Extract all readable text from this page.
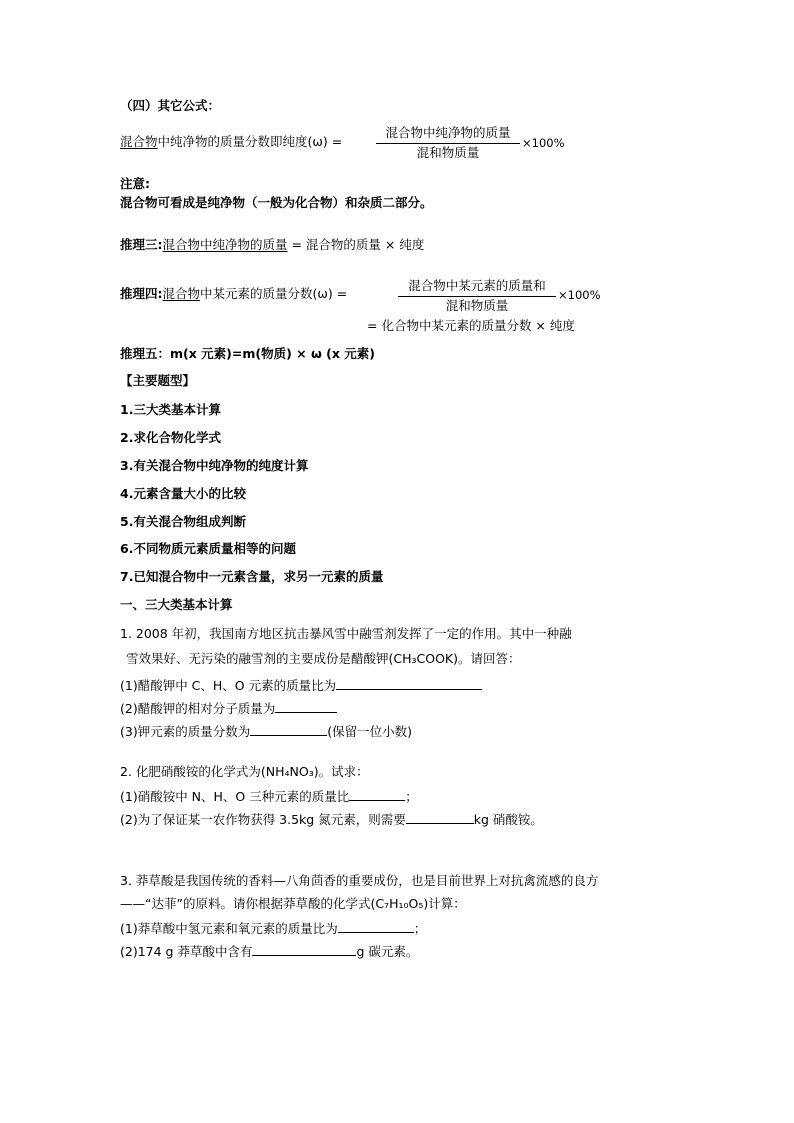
（四）其它公式：
混合物中纯净物的质量分数即纯度(ω) =
混合物中纯净物的质量
混和物质量
×100%
注意:
混合物可看成是纯净物（一般为化合物）和杂质二部分。
推理三:混合物中纯净物的质量 = 混合物的质量 × 纯度
推理四:混合物中某元素的质量分数(ω) =
混合物中某元素的质量和
混和物质量
×100%
= 化合物中某元素的质量分数 × 纯度
推理五：m(x 元素)=m(物质) × ω (x 元素)
【主要题型】
1.三大类基本计算
2.求化合物化学式
3.有关混合物中纯净物的纯度计算
4.元素含量大小的比较
5.有关混合物组成判断
6.不同物质元素质量相等的问题
7.已知混合物中一元素含量，求另一元素的质量
一、三大类基本计算
1. 2008 年初，我国南方地区抗击暴风雪中融雪剂发挥了一定的作用。其中一种融
雪效果好、无污染的融雪剂的主要成份是醋酸钾(CH₃COOK)。请回答：
(1)醋酸钾中 C、H、O 元素的质量比为
(2)醋酸钾的相对分子质量为
(3)钾元素的质量分数为	(保留一位小数)
2. 化肥硝酸铵的化学式为(NH₄NO₃)。试求：
(1)硝酸铵中 N、H、O 三种元素的质量比	；
(2)为了保证某一农作物获得 3.5kg 氮元素，则需要	kg 硝酸铵。
3. 莽草酸是我国传统的香料—八角茴香的重要成份，也是目前世界上对抗禽流感的良方
——“达菲”的原料。请你根据莽草酸的化学式(C₇H₁₀O₅)计算：
(1)莽草酸中氢元素和氧元素的质量比为	；
(2)174 g 莽草酸中含有	g 碳元素。
